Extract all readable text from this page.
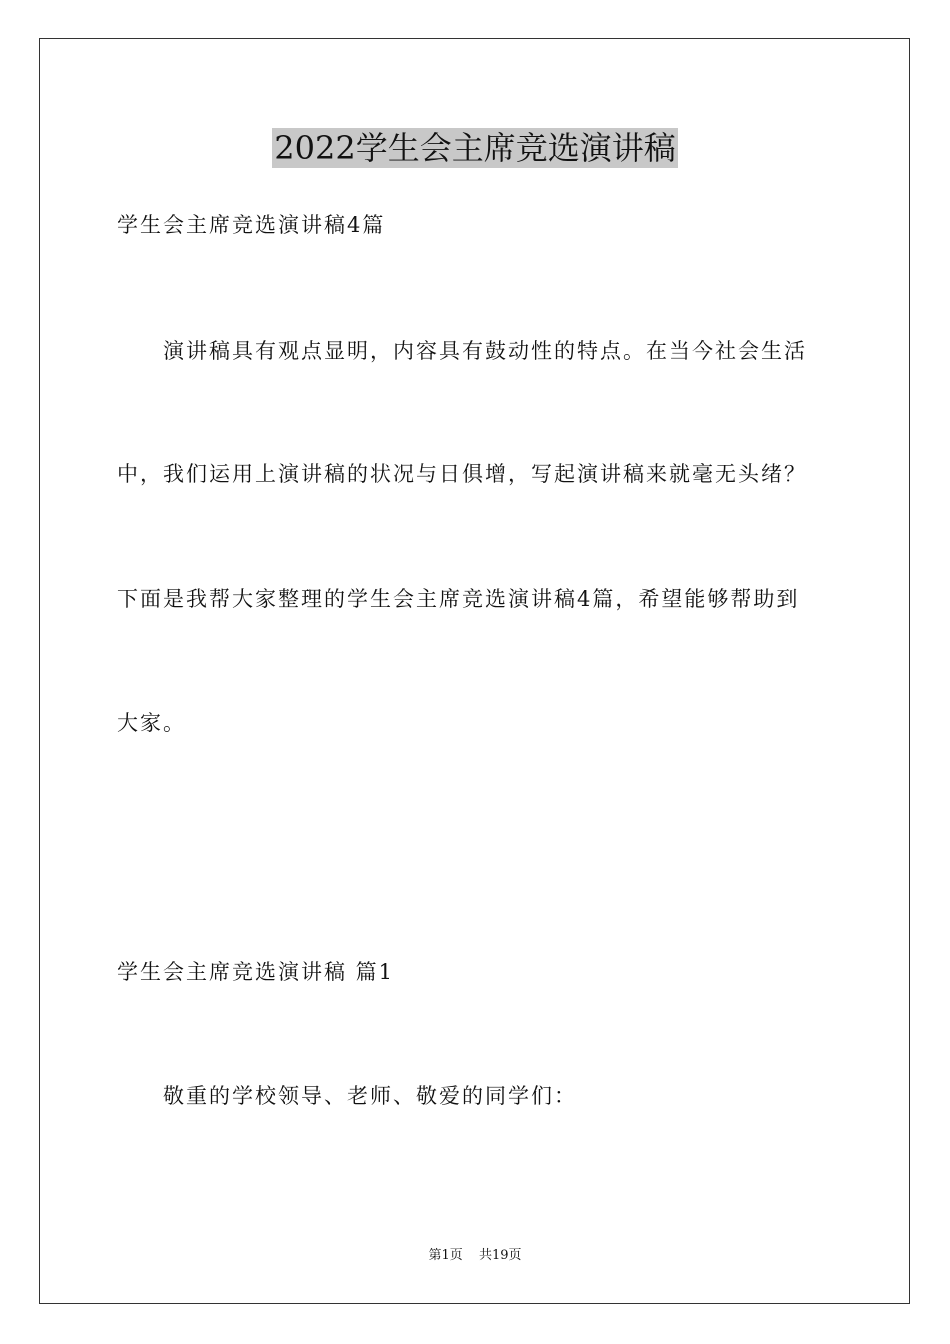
2022学生会主席竞选演讲稿
学生会主席竞选演讲稿4篇
演讲稿具有观点显明，内容具有鼓动性的特点。在当今社会生活
中，我们运用上演讲稿的状况与日俱增，写起演讲稿来就毫无头绪？
下面是我帮大家整理的学生会主席竞选演讲稿4篇，希望能够帮助到
大家。
学生会主席竞选演讲稿 篇1
敬重的学校领导、老师、敬爱的同学们：
第1页 共19页
